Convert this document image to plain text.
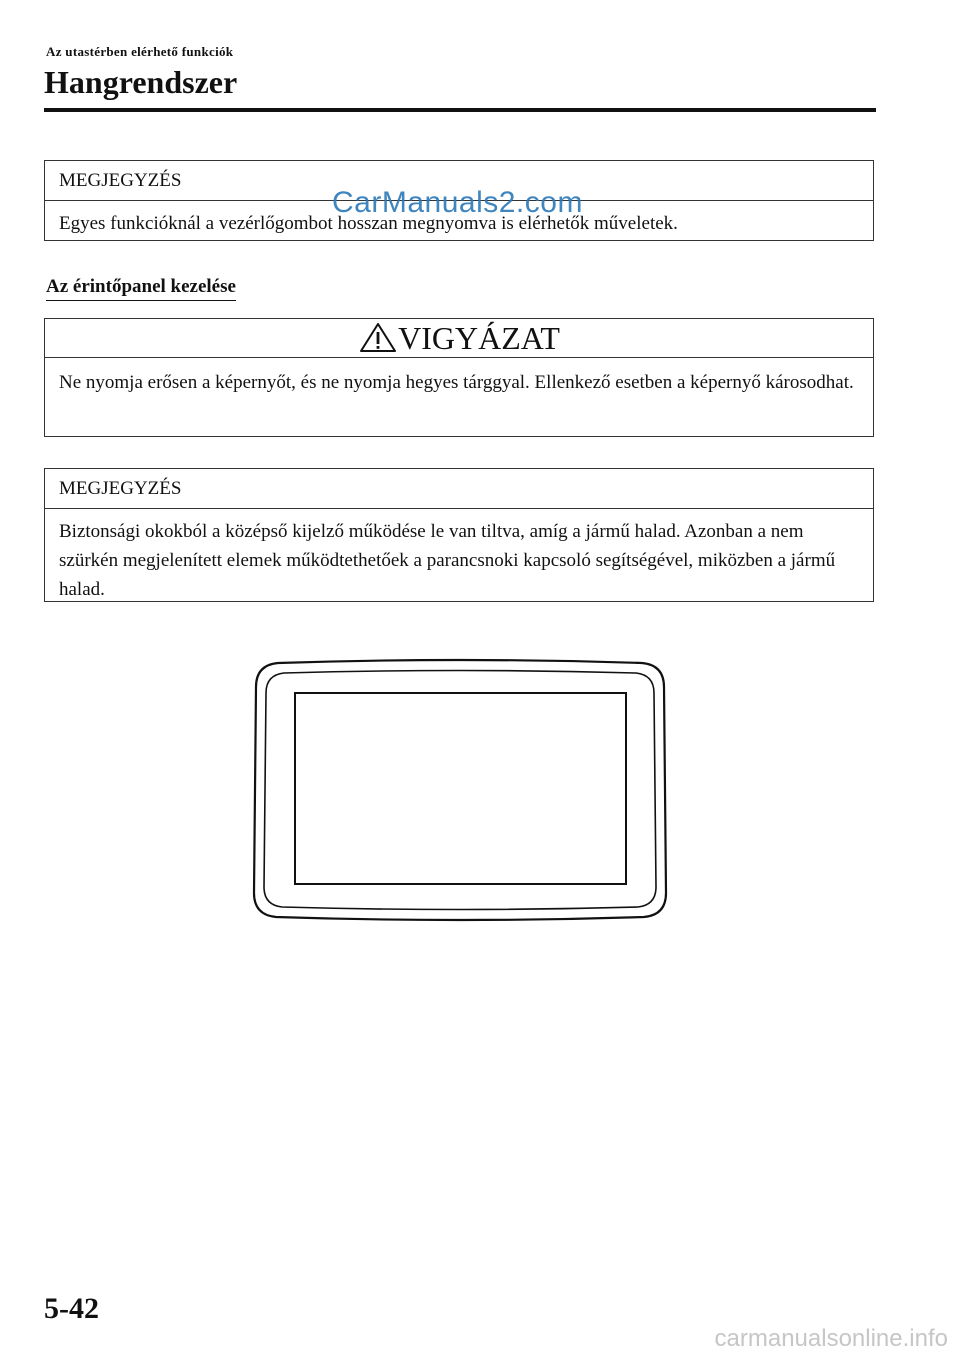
Az utastérben elérhető funkciók
Hangrendszer
MEGJEGYZÉS
Egyes funkcióknál a vezérlőgombot hosszan megnyomva is elérhetők műveletek.
CarManuals2.com
Az érintőpanel kezelése
VIGYÁZAT
Ne nyomja erősen a képernyőt, és ne nyomja hegyes tárggyal. Ellenkező esetben a képernyő károsodhat.
MEGJEGYZÉS
Biztonsági okokból a középső kijelző működése le van tiltva, amíg a jármű halad. Azonban a nem szürkén megjelenített elemek működtethetőek a parancsnoki kapcsoló segítségével, miközben a jármű halad.
5-42
carmanualsonline.info
